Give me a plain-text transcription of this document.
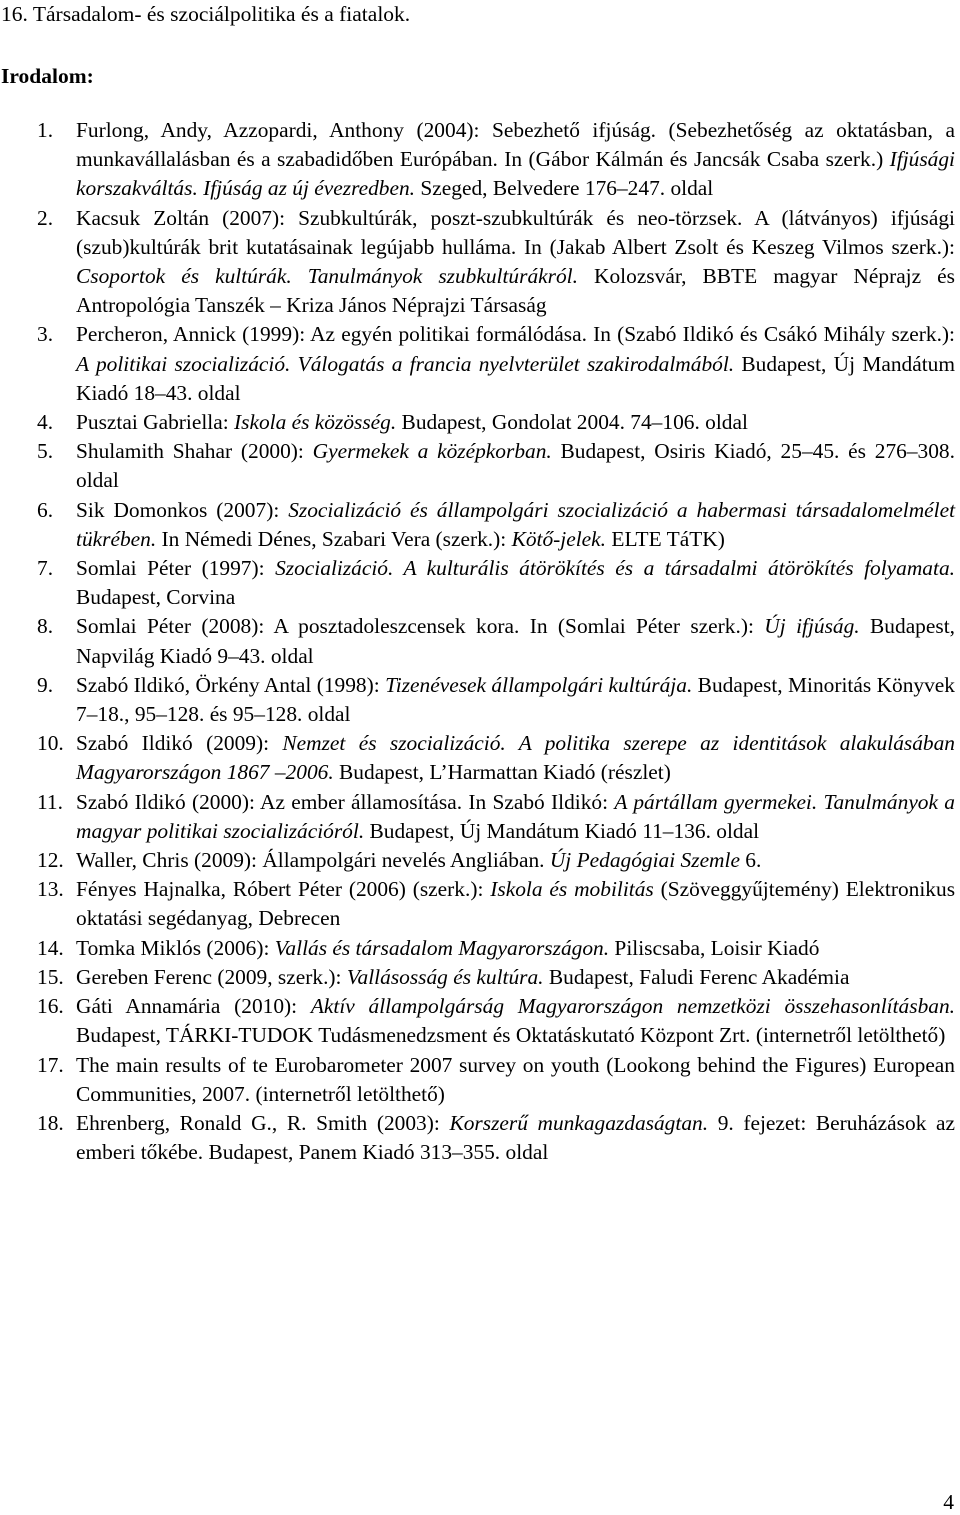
16. Társadalom- és szociálpolitika és a fiatalok.
Irodalom:
1. Furlong, Andy, Azzopardi, Anthony (2004): Sebezhető ifjúság. (Sebezhetőség az oktatásban, a munkavállalásban és a szabadidőben Európában. In (Gábor Kálmán és Jancsák Csaba szerk.) Ifjúsági korszakváltás. Ifjúság az új évezredben. Szeged, Belvedere 176–247. oldal
2. Kacsuk Zoltán (2007): Szubkultúrák, poszt-szubkultúrák és neo-törzsek. A (látványos) ifjúsági (szub)kultúrák brit kutatásainak legújabb hulláma. In (Jakab Albert Zsolt és Keszeg Vilmos szerk.): Csoportok és kultúrák. Tanulmányok szubkultúrákról. Kolozsvár, BBTE magyar Néprajz és Antropológia Tanszék – Kriza János Néprajzi Társaság
3. Percheron, Annick (1999): Az egyén politikai formálódása. In (Szabó Ildikó és Csákó Mihály szerk.): A politikai szocializáció. Válogatás a francia nyelvterület szakirodalmából. Budapest, Új Mandátum Kiadó 18–43. oldal
4. Pusztai Gabriella: Iskola és közösség. Budapest, Gondolat 2004. 74–106. oldal
5. Shulamith Shahar (2000): Gyermekek a középkorban. Budapest, Osiris Kiadó, 25–45. és 276–308. oldal
6. Sik Domonkos (2007): Szocializáció és állampolgári szocializáció a habermasi társadalomelmélet tükrében. In Némedi Dénes, Szabari Vera (szerk.): Kötő-jelek. ELTE TáTK)
7. Somlai Péter (1997): Szocializáció. A kulturális átörökítés és a társadalmi átörökítés folyamata. Budapest, Corvina
8. Somlai Péter (2008): A posztadoleszcensek kora. In (Somlai Péter szerk.): Új ifjúság. Budapest, Napvilág Kiadó 9–43. oldal
9. Szabó Ildikó, Örkény Antal (1998): Tizenévesek állampolgári kultúrája. Budapest, Minoritás Könyvek 7–18., 95–128. és 95–128. oldal
10. Szabó Ildikó (2009): Nemzet és szocializáció. A politika szerepe az identitások alakulásában Magyarországon 1867 –2006. Budapest, L’Harmattan Kiadó (részlet)
11. Szabó Ildikó (2000): Az ember államosítása. In Szabó Ildikó: A pártállam gyermekei. Tanulmányok a magyar politikai szocializációról. Budapest, Új Mandátum Kiadó 11–136. oldal
12. Waller, Chris (2009): Állampolgári nevelés Angliában. Új Pedagógiai Szemle 6.
13. Fényes Hajnalka, Róbert Péter (2006) (szerk.): Iskola és mobilitás (Szöveggyűjtemény) Elektronikus oktatási segédanyag, Debrecen
14. Tomka Miklós (2006): Vallás és társadalom Magyarországon. Piliscsaba, Loisir Kiadó
15. Gereben Ferenc (2009, szerk.): Vallásosság és kultúra. Budapest, Faludi Ferenc Akadémia
16. Gáti Annamária (2010): Aktív állampolgárság Magyarországon nemzetközi összehasonlításban. Budapest, TÁRKI-TUDOK Tudásmenedzsment és Oktatáskutató Központ Zrt. (internetről letölthető)
17. The main results of te Eurobarometer 2007 survey on youth (Lookong behind the Figures) European Communities, 2007. (internetről letölthető)
18. Ehrenberg, Ronald G., R. Smith (2003): Korszerű munkagazdaságtan. 9. fejezet: Beruházások az emberi tőkébe. Budapest, Panem Kiadó 313–355. oldal
4
